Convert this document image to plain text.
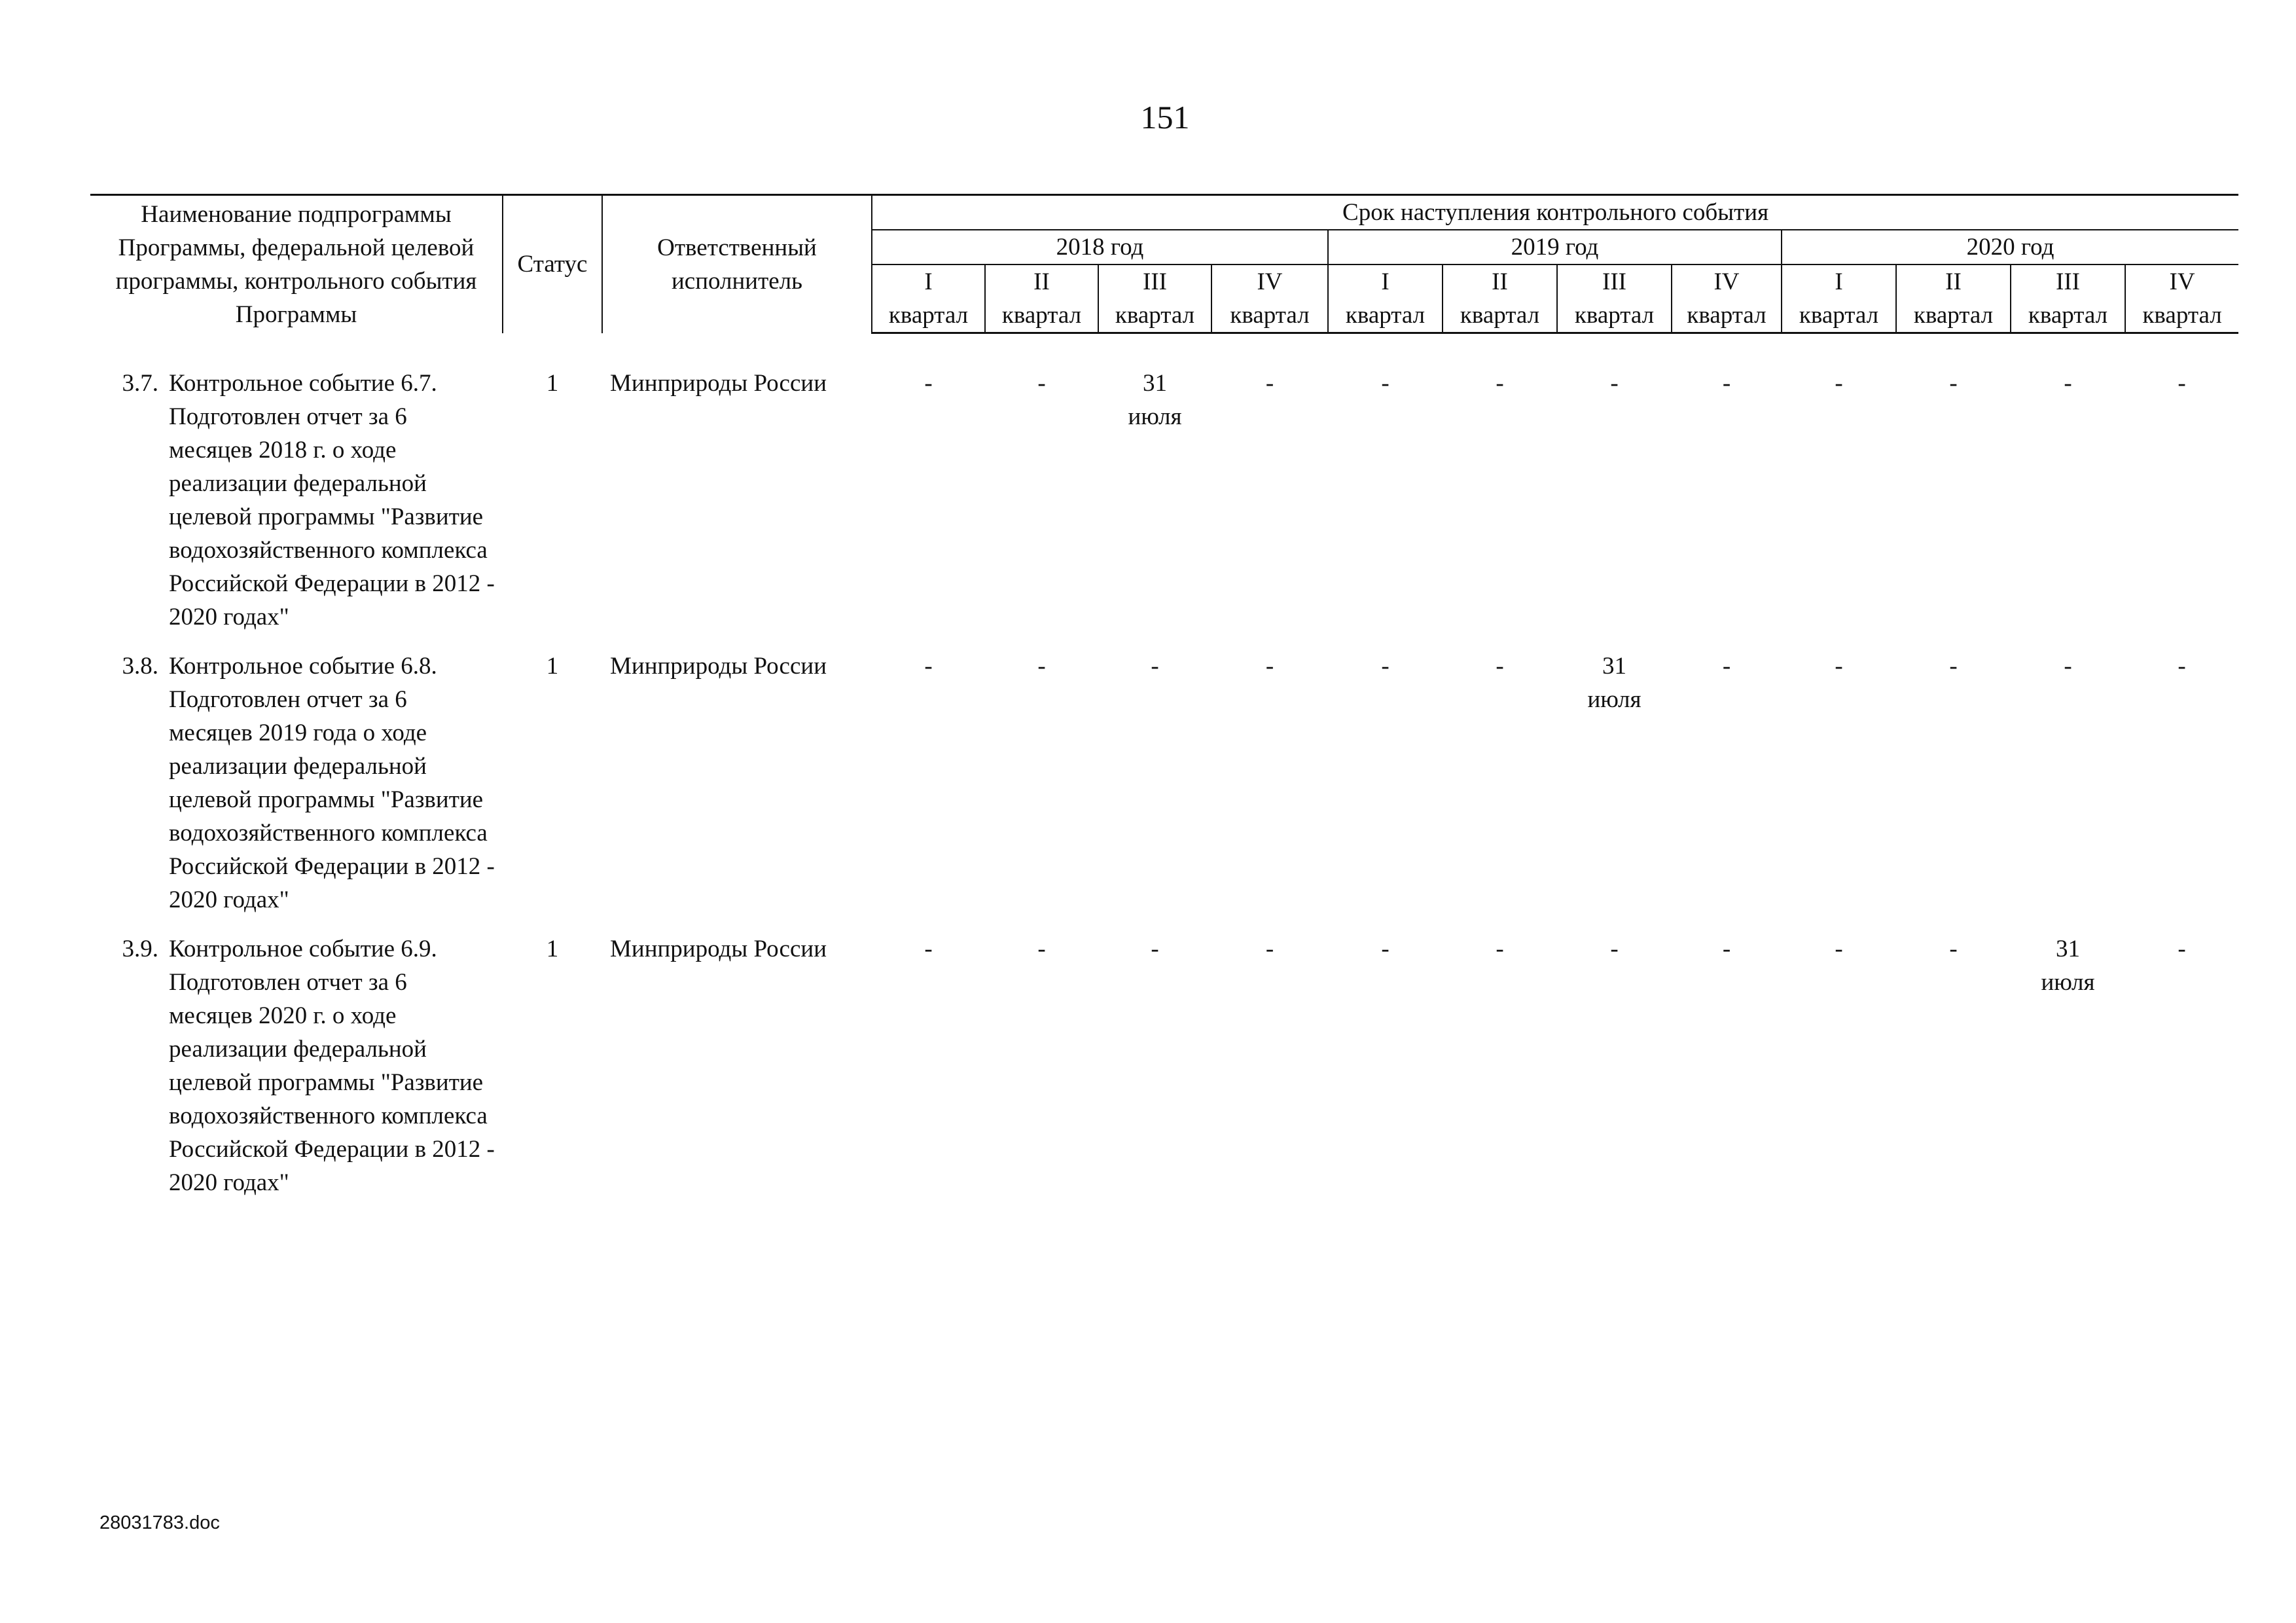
151
Наименование подпрограммы Программы, федеральной целевой программы, контрольного события Программы	Статус	Ответственный исполнитель	Срок наступления контрольного события											
			2018 год				2019 год				2020 год			
			I	II	III	IV	I	II	III	IV	I	II	III	IV
			квартал	квартал	квартал	квартал	квартал	квартал	квартал	квартал	квартал	квартал	квартал	квартал

3.7. Контрольное событие 6.7. Подготовлен отчет за 6 месяцев 2018 г. о ходе реализации федеральной целевой программы "Развитие водохозяйственного комплекса Российской Федерации в 2012 - 2020 годах"	1	Минприроды России	-	-	31 июля	-	-	-	-	-	-	-	-	-

3.8. Контрольное событие 6.8. Подготовлен отчет за 6 месяцев 2019 года о ходе реализации федеральной целевой программы "Развитие водохозяйственного комплекса Российской Федерации в 2012 - 2020 годах"	1	Минприроды России	-	-	-	-	-	-	31 июля	-	-	-	-	-

3.9. Контрольное событие 6.9. Подготовлен отчет за 6 месяцев 2020 г. о ходе реализации федеральной целевой программы "Развитие водохозяйственного комплекса Российской Федерации в 2012 - 2020 годах"	1	Минприроды России	-	-	-	-	-	-	-	-	-	-	31 июля	-
28031783.doc
